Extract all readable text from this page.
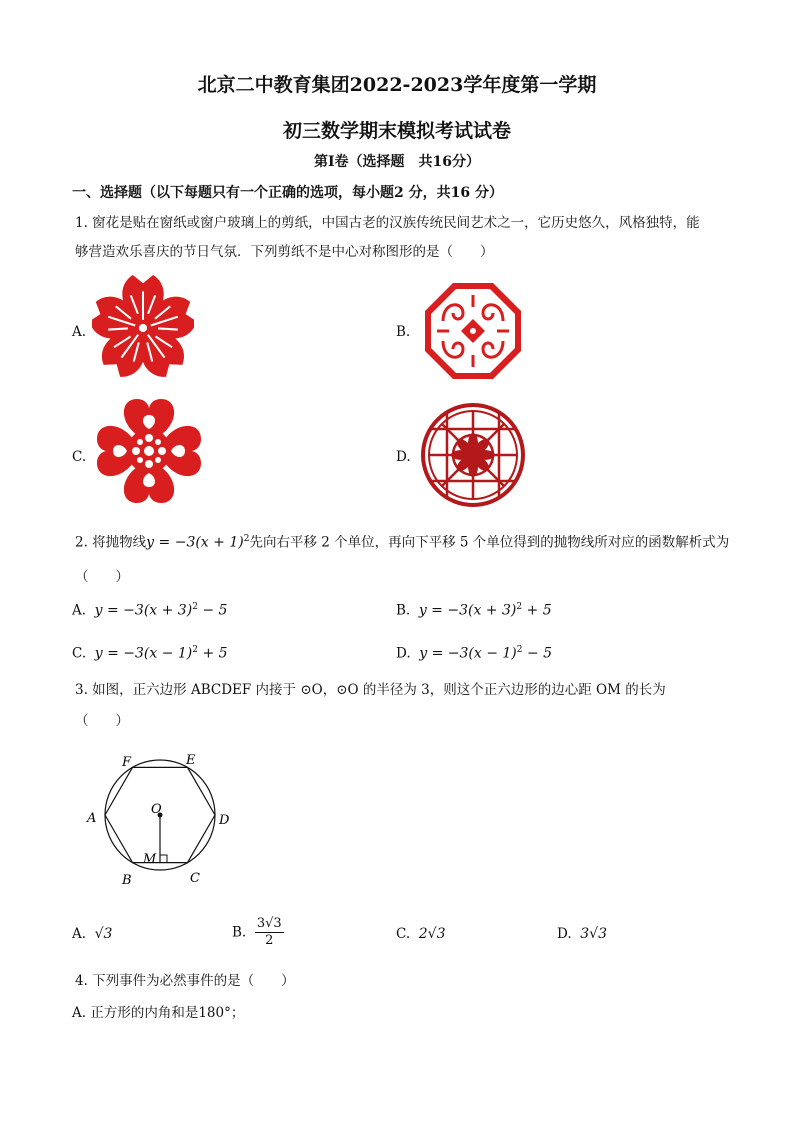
北京二中教育集团2022-2023学年度第一学期
初三数学期末模拟考试试卷
第Ⅰ卷（选择题　共16分）
一、选择题（以下每题只有一个正确的选项，每小题2 分，共16 分）
1. 窗花是贴在窗纸或窗户玻璃上的剪纸，中国古老的汉族传统民间艺术之一，它历史悠久，风格独特，能
够营造欢乐喜庆的节日气氛．下列剪纸不是中心对称图形的是（　　）
A.	B.
C.	D.
2. 将抛物线$y = -3(x + 1)^2$先向右平移 2 个单位，再向下平移 5 个单位得到的抛物线所对应的函数解析式为
（　　）
A. $y = -3(x + 3)^2 - 5$	B. $y = -3(x + 3)^2 + 5$
C. $y = -3(x - 1)^2 + 5$	D. $y = -3(x - 1)^2 - 5$
3. 如图，正六边形 ABCDEF 内接于 ⊙O，⊙O 的半径为 3，则这个正六边形的边心距 OM 的长为
（　　）
F	E
A	D
O
M
B	C
A. √3	B. $\frac{3√3}{2}$	C. 2√3	D. 3√3
4. 下列事件为必然事件的是（　　）
A. 正方形的内角和是180°；
